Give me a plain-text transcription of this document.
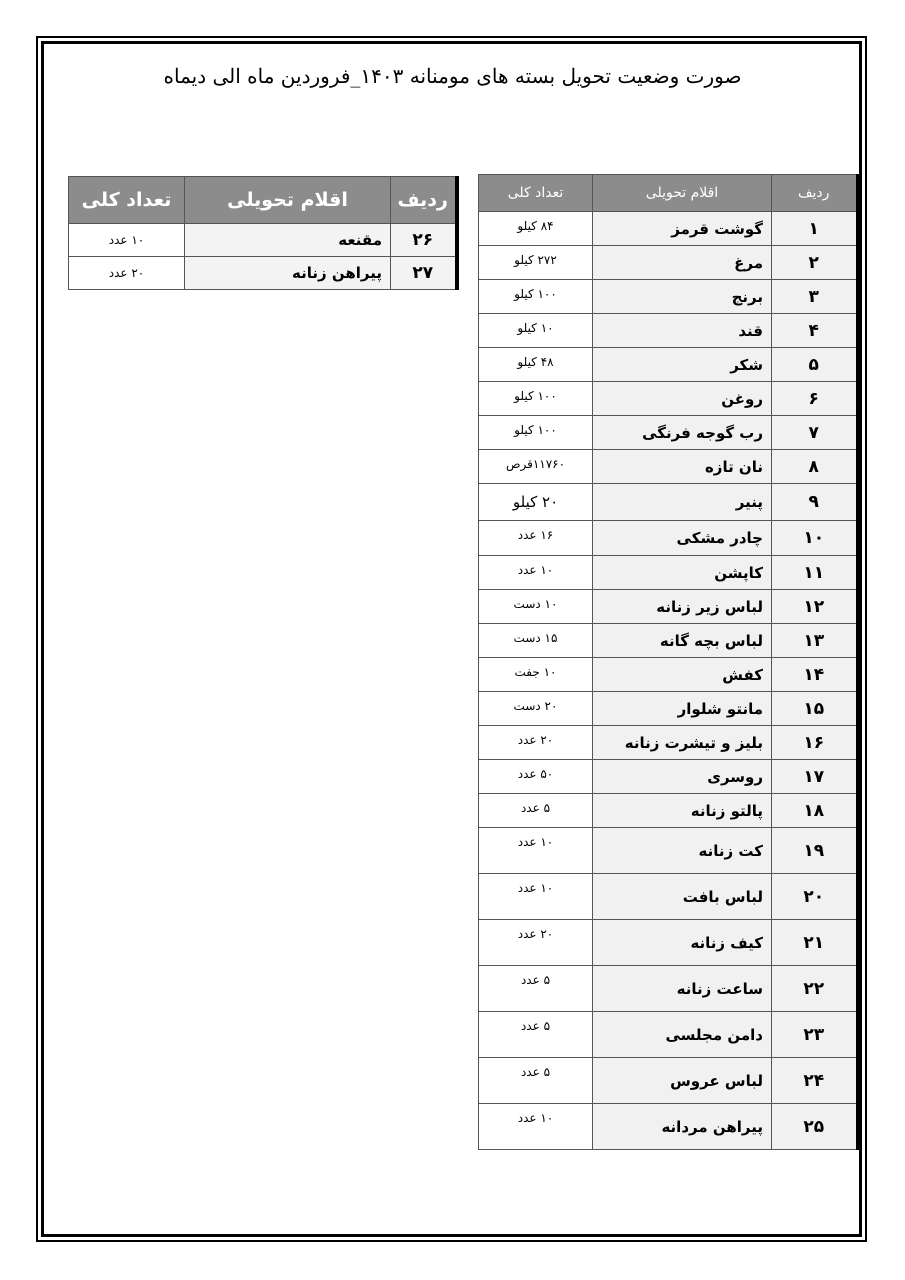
صورت وضعیت تحویل بسته های مومنانه ۱۴۰۳_فروردین ماه الی دیماه
ردیف	اقلام تحویلی	تعداد کلی
۲۶	مقنعه	۱۰ عدد
۲۷	پیراهن زنانه	۲۰ عدد
ردیف	اقلام تحویلی	تعداد کلی
۱	گوشت قرمز	۸۴ کیلو
۲	مرغ	۲۷۲ کیلو
۳	برنج	۱۰۰ کیلو
۴	قند	۱۰ کیلو
۵	شکر	۴۸ کیلو
۶	روغن	۱۰۰ کیلو
۷	رب گوجه فرنگی	۱۰۰ کیلو
۸	نان تازه	۱۱۷۶۰قرص
۹	پنیر	۲۰ کیلو
۱۰	چادر مشکی	۱۶ عدد
۱۱	کاپشن	۱۰ عدد
۱۲	لباس زیر زنانه	۱۰ دست
۱۳	لباس بچه گانه	۱۵ دست
۱۴	کفش	۱۰ جفت
۱۵	مانتو شلوار	۲۰ دست
۱۶	بلیز و تیشرت زنانه	۲۰ عدد
۱۷	روسری	۵۰ عدد
۱۸	پالتو زنانه	۵ عدد
۱۹	کت زنانه	۱۰ عدد
۲۰	لباس بافت	۱۰ عدد
۲۱	کیف زنانه	۲۰ عدد
۲۲	ساعت زنانه	۵ عدد
۲۳	دامن مجلسی	۵ عدد
۲۴	لباس عروس	۵ عدد
۲۵	پیراهن مردانه	۱۰ عدد
